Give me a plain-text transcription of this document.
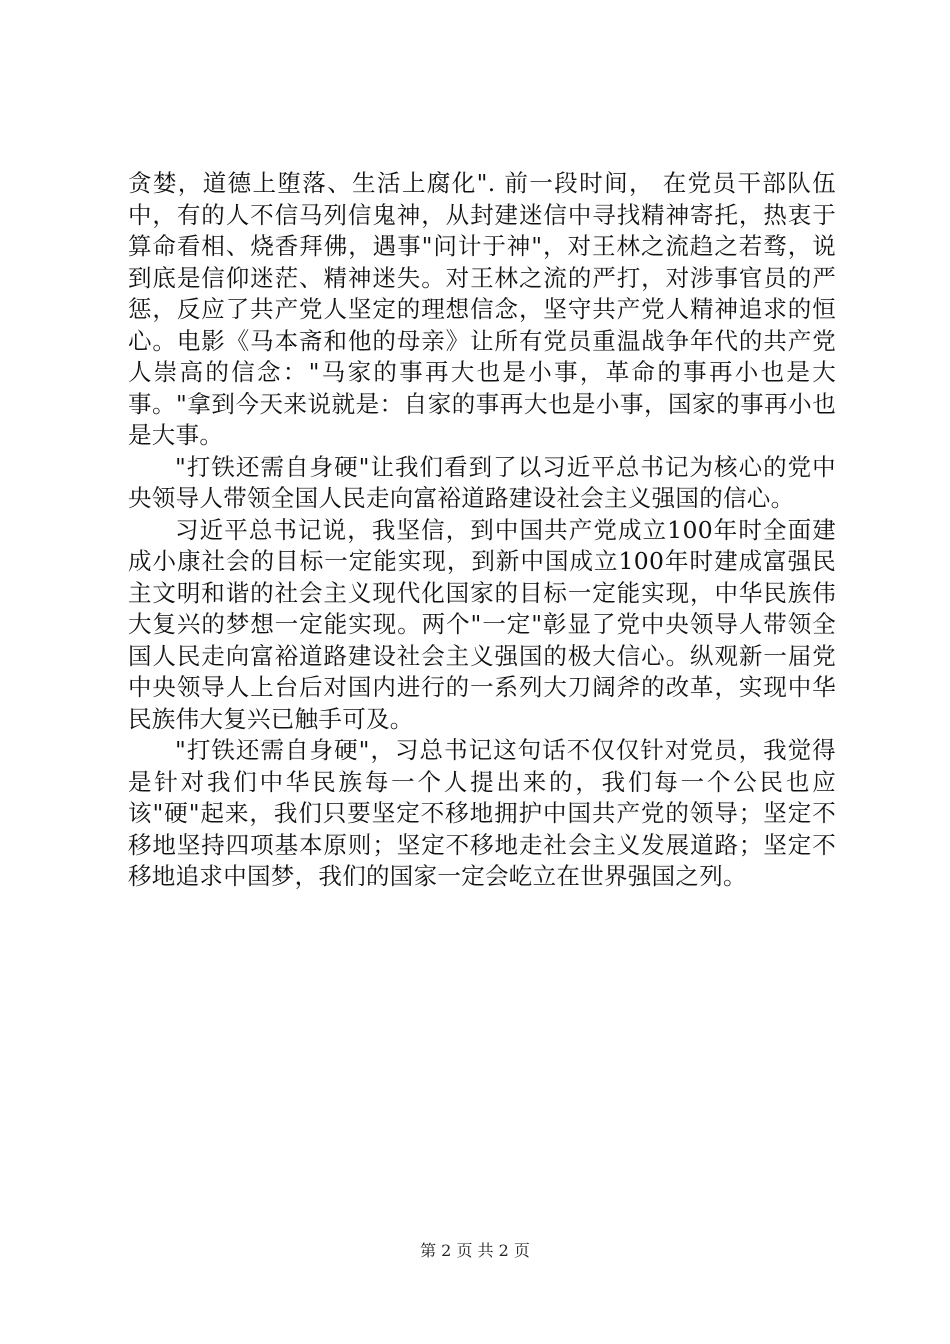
贪婪，道德上堕落、生活上腐化". 前一段时间， 在党员干部队伍中，有的人不信马列信鬼神，从封建迷信中寻找精神寄托，热衷于算命看相、烧香拜佛，遇事"问计于神"，对王林之流趋之若骛，说到底是信仰迷茫、精神迷失。对王林之流的严打，对涉事官员的严惩，反应了共产党人坚定的理想信念，坚守共产党人精神追求的恒心。电影《马本斋和他的母亲》让所有党员重温战争年代的共产党人崇高的信念："马家的事再大也是小事，革命的事再小也是大事。"拿到今天来说就是：自家的事再大也是小事，国家的事再小也是大事。

"打铁还需自身硬"让我们看到了以习近平总书记为核心的党中央领导人带领全国人民走向富裕道路建设社会主义强国的信心。

习近平总书记说，我坚信，到中国共产党成立100年时全面建成小康社会的目标一定能实现，到新中国成立100年时建成富强民主文明和谐的社会主义现代化国家的目标一定能实现，中华民族伟大复兴的梦想一定能实现。两个"一定"彰显了党中央领导人带领全国人民走向富裕道路建设社会主义强国的极大信心。纵观新一届党中央领导人上台后对国内进行的一系列大刀阔斧的改革，实现中华民族伟大复兴已触手可及。

"打铁还需自身硬"，习总书记这句话不仅仅针对党员，我觉得是针对我们中华民族每一个人提出来的，我们每一个公民也应该"硬"起来，我们只要坚定不移地拥护中国共产党的领导；坚定不移地坚持四项基本原则；坚定不移地走社会主义发展道路；坚定不移地追求中国梦，我们的国家一定会屹立在世界强国之列。

第 2 页 共 2 页
